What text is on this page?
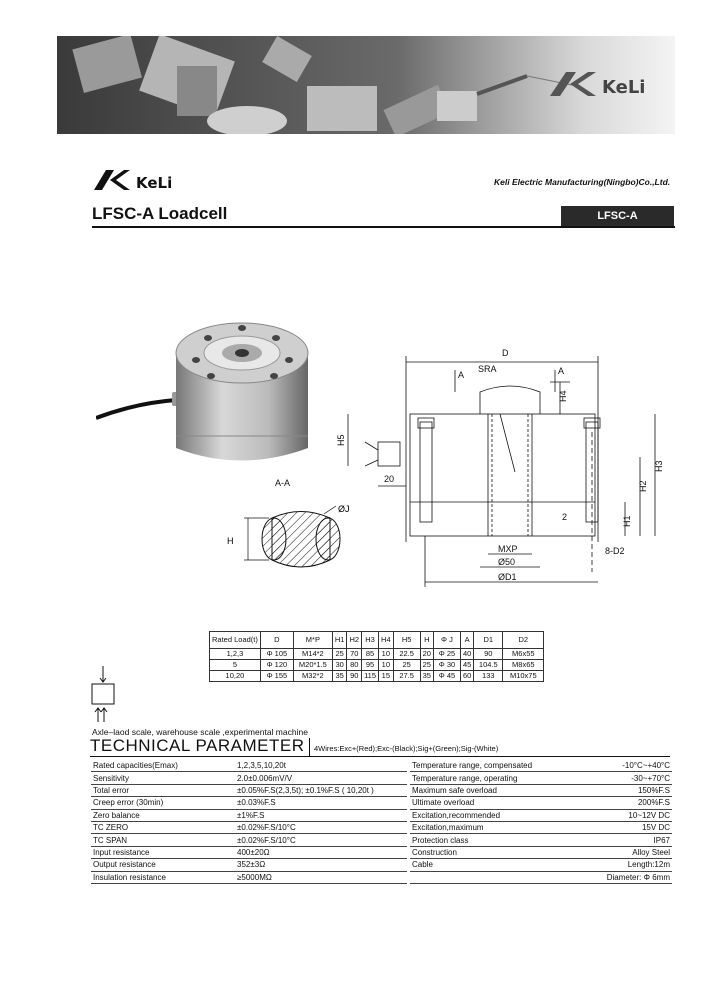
KeLi
KeLi	Keli Electric Manufacturing(Ningbo)Co.,Ltd.
LFSC-A Loadcell	LFSC-A
A-A
H
ØJ
D
SRA
A	A
H4
H5
H3
H2
H1
20
2
MXP
Ø50
ØD1
8-D2
Rated Load(t)	D	M*P	H1	H2	H3	H4	H5	H	Φ J	A	D1	D2
1,2,3	Φ 105	M14*2	25	70	85	10	22.5	20	Φ 25	40	90	M6x55
5	Φ 120	M20*1.5	30	80	95	10	25	25	Φ 30	45	104.5	M8x65
10,20	Φ 155	M32*2	35	90	115	15	27.5	35	Φ 45	60	133	M10x75
Axle–laod scale, warehouse scale ,experimental machine
TECHNICAL PARAMETER 4Wires:Exc+(Red);Exc-(Black);Sig+(Green);Sig-(White)
Rated capacities(Emax)	1,2,3,5,10,20t
Sensitivity	2.0±0.006mV/V
Total error	±0.05%F.S(2,3,5t); ±0.1%F.S ( 10,20t )
Creep error (30min)	±0.03%F.S
Zero balance	±1%F.S
TC ZERO	±0.02%F.S/10°C
TC SPAN	±0.02%F.S/10°C
Input resistance	400±20Ω
Output resistance	352±3Ω
Insulation resistance	≥5000MΩ
Temperature range, compensated	-10°C~+40°C
Temperature range, operating	-30~+70°C
Maximum safe overload	150%F.S
Ultimate overload	200%F.S
Excitation,recommended	10~12V DC
Excitation,maximum	15V DC
Protection class	IP67
Construction	Alloy Steel
Cable	Length:12m
	Diameter: Φ 6mm
